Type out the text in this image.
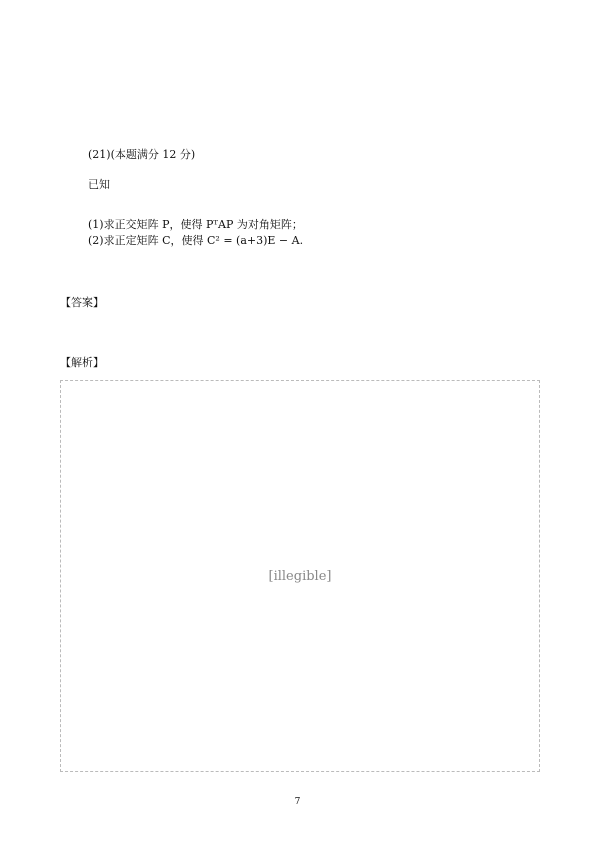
(21)(本题满分 12 分)
已知
(1)求正交矩阵 P，使得 PᵀAP 为对角矩阵；
(2)求正定矩阵 C，使得 C² = (a+3)E − A.
【答案】
【解析】
[illegible]
7
